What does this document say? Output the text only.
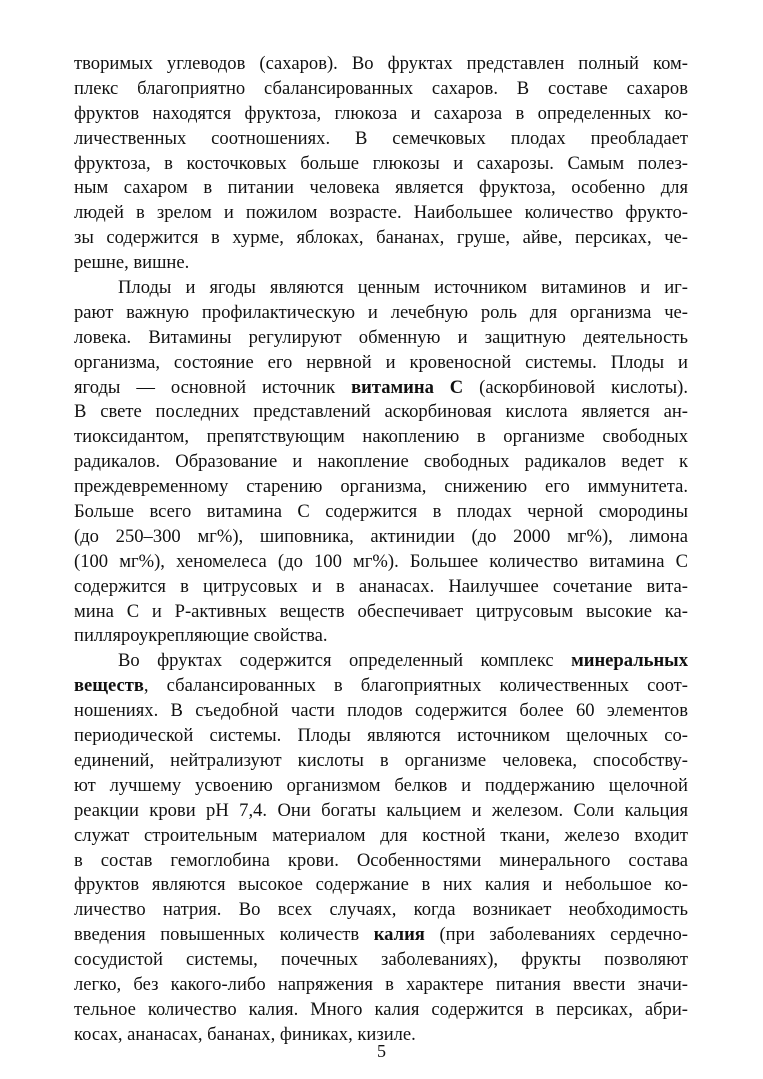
творимых углеводов (сахаров). Во фруктах представлен полный ком-
плекс благоприятно сбалансированных сахаров. В составе сахаров
фруктов находятся фруктоза, глюкоза и сахароза в определенных ко-
личественных соотношениях. В семечковых плодах преобладает
фруктоза, в косточковых больше глюкозы и сахарозы. Самым полез-
ным сахаром в питании человека является фруктоза, особенно для
людей в зрелом и пожилом возрасте. Наибольшее количество фрукто-
зы содержится в хурме, яблоках, бананах, груше, айве, персиках, че-
решне, вишне.
Плоды и ягоды являются ценным источником витаминов и иг-
рают важную профилактическую и лечебную роль для организма че-
ловека. Витамины регулируют обменную и защитную деятельность
организма, состояние его нервной и кровеносной системы. Плоды и
ягоды — основной источник витамина С (аскорбиновой кислоты).
В свете последних представлений аскорбиновая кислота является ан-
тиоксидантом, препятствующим накоплению в организме свободных
радикалов. Образование и накопление свободных радикалов ведет к
преждевременному старению организма, снижению его иммунитета.
Больше всего витамина С содержится в плодах черной смородины
(до 250–300 мг%), шиповника, актинидии (до 2000 мг%), лимона
(100 мг%), хеномелеса (до 100 мг%). Большее количество витамина С
содержится в цитрусовых и в ананасах. Наилучшее сочетание вита-
мина С и Р-активных веществ обеспечивает цитрусовым высокие ка-
пилляроукрепляющие свойства.
Во фруктах содержится определенный комплекс минеральных
веществ, сбалансированных в благоприятных количественных соот-
ношениях. В съедобной части плодов содержится более 60 элементов
периодической системы. Плоды являются источником щелочных со-
единений, нейтрализуют кислоты в организме человека, способству-
ют лучшему усвоению организмом белков и поддержанию щелочной
реакции крови рН 7,4. Они богаты кальцием и железом. Соли кальция
служат строительным материалом для костной ткани, железо входит
в состав гемоглобина крови. Особенностями минерального состава
фруктов являются высокое содержание в них калия и небольшое ко-
личество натрия. Во всех случаях, когда возникает необходимость
введения повышенных количеств калия (при заболеваниях сердечно-
сосудистой системы, почечных заболеваниях), фрукты позволяют
легко, без какого-либо напряжения в характере питания ввести значи-
тельное количество калия. Много калия содержится в персиках, абри-
косах, ананасах, бананах, финиках, кизиле.
5
